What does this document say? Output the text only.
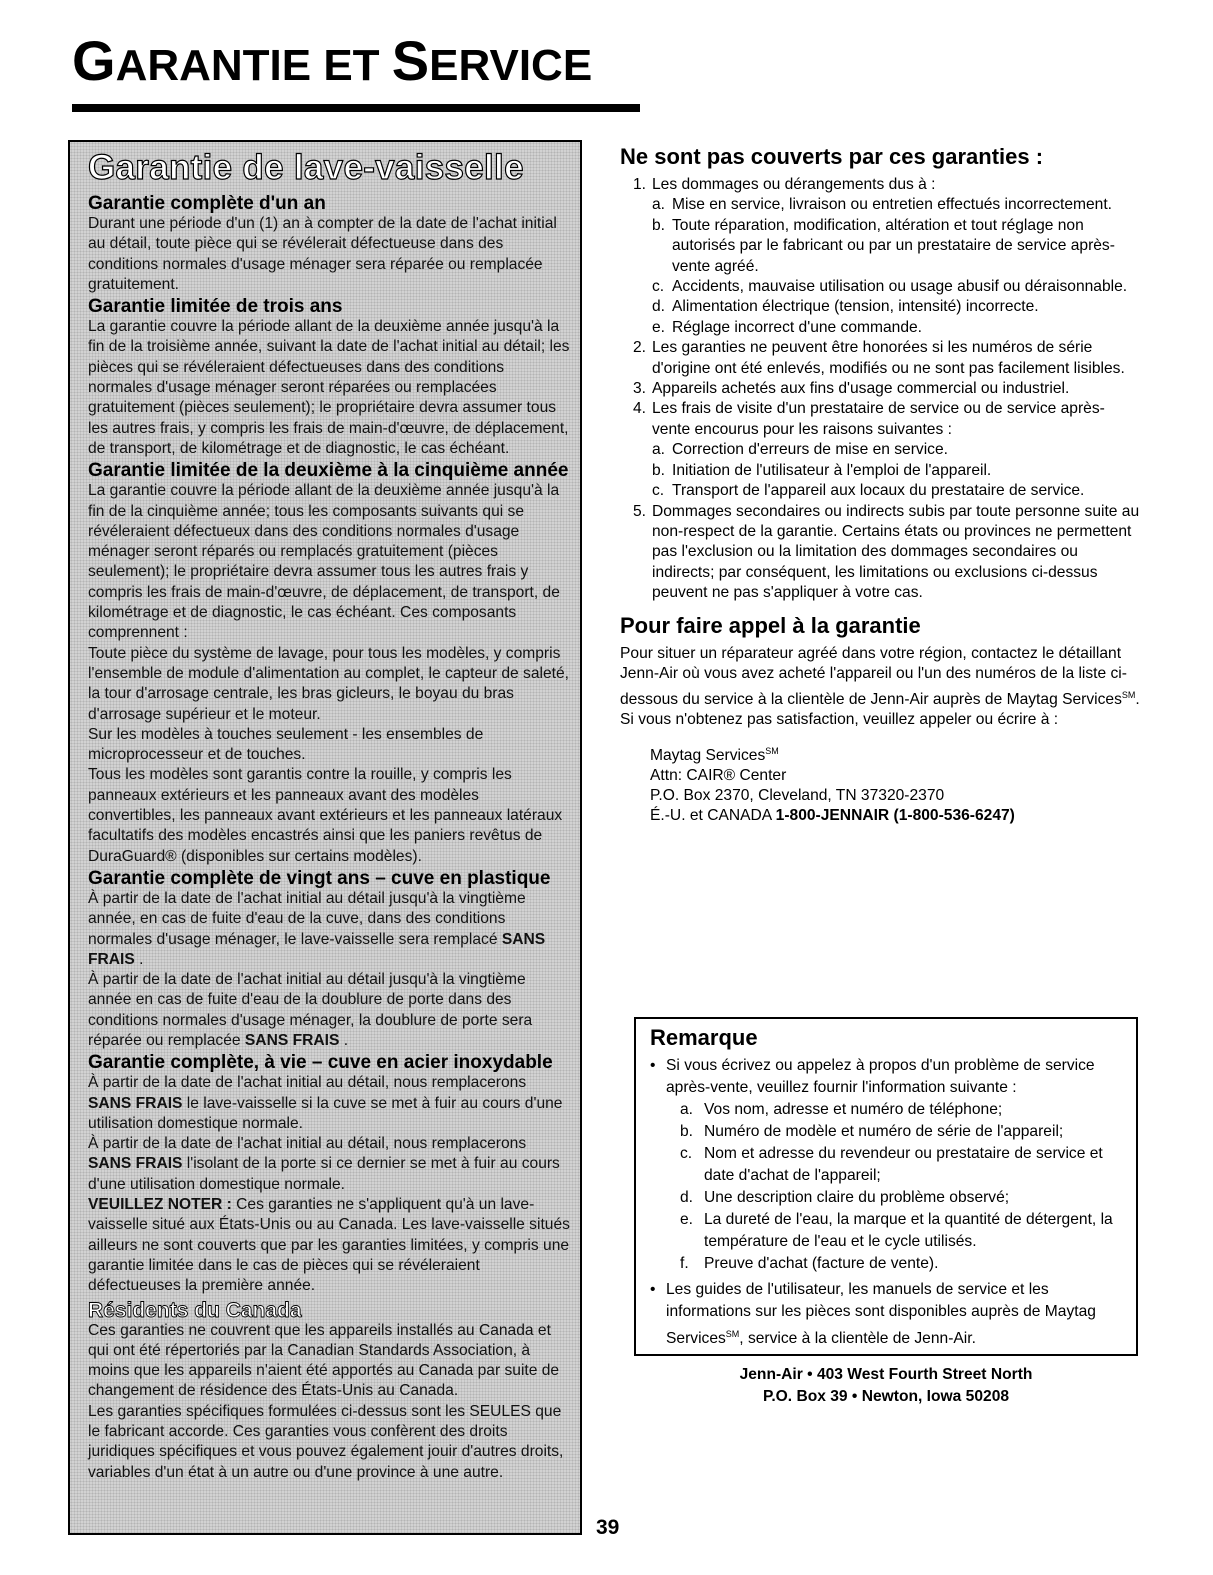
GARANTIE ET SERVICE
Garantie de lave-vaisselle
Garantie complète d'un an
Durant une période d'un (1) an à compter de la date de l'achat initial au détail, toute pièce qui se révélerait défectueuse dans des conditions normales d'usage ménager sera réparée ou remplacée gratuitement.
Garantie limitée de trois ans
La garantie couvre la période allant de la deuxième année jusqu'à la fin de la troisième année, suivant la date de l'achat initial au détail; les pièces qui se révéleraient défectueuses dans des conditions normales d'usage ménager seront réparées ou remplacées gratuitement (pièces seulement); le propriétaire devra assumer tous les autres frais, y compris les frais de main-d'œuvre, de déplacement, de transport, de kilométrage et de diagnostic, le cas échéant.
Garantie limitée de la deuxième à la cinquième année
La garantie couvre la période allant de la deuxième année jusqu'à la fin de la cinquième année; tous les composants suivants qui se révéleraient défectueux dans des conditions normales d'usage ménager seront réparés ou remplacés gratuitement (pièces seulement); le propriétaire devra assumer tous les autres frais y compris les frais de main-d'œuvre, de déplacement, de transport, de kilométrage et de diagnostic, le cas échéant. Ces composants comprennent :
Toute pièce du système de lavage, pour tous les modèles, y compris l'ensemble de module d'alimentation au complet, le capteur de saleté, la tour d'arrosage centrale, les bras gicleurs, le boyau du bras d'arrosage supérieur et le moteur.
Sur les modèles à touches seulement - les ensembles de microprocesseur et de touches.
Tous les modèles sont garantis contre la rouille, y compris les panneaux extérieurs et les panneaux avant des modèles convertibles, les panneaux avant extérieurs et les panneaux latéraux facultatifs des modèles encastrés ainsi que les paniers revêtus de DuraGuard® (disponibles sur certains modèles).
Garantie complète de vingt ans – cuve en plastique
À partir de la date de l'achat initial au détail jusqu'à la vingtième année, en cas de fuite d'eau de la cuve, dans des conditions normales d'usage ménager, le lave-vaisselle sera remplacé SANS FRAIS .
À partir de la date de l'achat initial au détail jusqu'à la vingtième année en cas de fuite d'eau de la doublure de porte dans des conditions normales d'usage ménager, la doublure de porte sera réparée ou remplacée SANS FRAIS .
Garantie complète, à vie – cuve en acier inoxydable
À partir de la date de l'achat initial au détail, nous remplacerons SANS FRAIS le lave-vaisselle si la cuve se met à fuir au cours d'une utilisation domestique normale.
À partir de la date de l'achat initial au détail, nous remplacerons SANS FRAIS l'isolant de la porte si ce dernier se met à fuir au cours d'une utilisation domestique normale.
VEUILLEZ NOTER : Ces garanties ne s'appliquent qu'à un lave-vaisselle situé aux États-Unis ou au Canada. Les lave-vaisselle situés ailleurs ne sont couverts que par les garanties limitées, y compris une garantie limitée dans le cas de pièces qui se révéleraient défectueuses la première année.
Résidents du Canada
Ces garanties ne couvrent que les appareils installés au Canada et qui ont été répertoriés par la Canadian Standards Association, à moins que les appareils n'aient été apportés au Canada par suite de changement de résidence des États-Unis au Canada.
Les garanties spécifiques formulées ci-dessus sont les SEULES que le fabricant accorde. Ces garanties vous confèrent des droits juridiques spécifiques et vous pouvez également jouir d'autres droits, variables d'un état à un autre ou d'une province à une autre.
Ne sont pas couverts par ces garanties :
1. Les dommages ou dérangements dus à :
a. Mise en service, livraison ou entretien effectués incorrectement.
b. Toute réparation, modification, altération et tout réglage non autorisés par le fabricant ou par un prestataire de service après-vente agréé.
c. Accidents, mauvaise utilisation ou usage abusif ou déraisonnable.
d. Alimentation électrique (tension, intensité) incorrecte.
e. Réglage incorrect d'une commande.
2. Les garanties ne peuvent être honorées si les numéros de série d'origine ont été enlevés, modifiés ou ne sont pas facilement lisibles.
3. Appareils achetés aux fins d'usage commercial ou industriel.
4. Les frais de visite d'un prestataire de service ou de service après-vente encourus pour les raisons suivantes :
a. Correction d'erreurs de mise en service.
b. Initiation de l'utilisateur à l'emploi de l'appareil.
c. Transport de l'appareil aux locaux du prestataire de service.
5. Dommages secondaires ou indirects subis par toute personne suite au non-respect de la garantie. Certains états ou provinces ne permettent pas l'exclusion ou la limitation des dommages secondaires ou indirects; par conséquent, les limitations ou exclusions ci-dessus peuvent ne pas s'appliquer à votre cas.
Pour faire appel à la garantie
Pour situer un réparateur agréé dans votre région, contactez le détaillant Jenn-Air où vous avez acheté l'appareil ou l'un des numéros de la liste ci-dessous du service à la clientèle de Jenn-Air auprès de Maytag Services℠. Si vous n'obtenez pas satisfaction, veuillez appeler ou écrire à :
Maytag Services℠
Attn: CAIR® Center
P.O. Box 2370, Cleveland, TN 37320-2370
É.-U. et CANADA 1-800-JENNAIR (1-800-536-6247)
Remarque
• Si vous écrivez ou appelez à propos d'un problème de service après-vente, veuillez fournir l'information suivante :
a. Vos nom, adresse et numéro de téléphone;
b. Numéro de modèle et numéro de série de l'appareil;
c. Nom et adresse du revendeur ou prestataire de service et date d'achat de l'appareil;
d. Une description claire du problème observé;
e. La dureté de l'eau, la marque et la quantité de détergent, la température de l'eau et le cycle utilisés.
f. Preuve d'achat (facture de vente).
• Les guides de l'utilisateur, les manuels de service et les informations sur les pièces sont disponibles auprès de Maytag Services℠, service à la clientèle de Jenn-Air.
Jenn-Air • 403 West Fourth Street North
P.O. Box 39 • Newton, Iowa 50208
39
